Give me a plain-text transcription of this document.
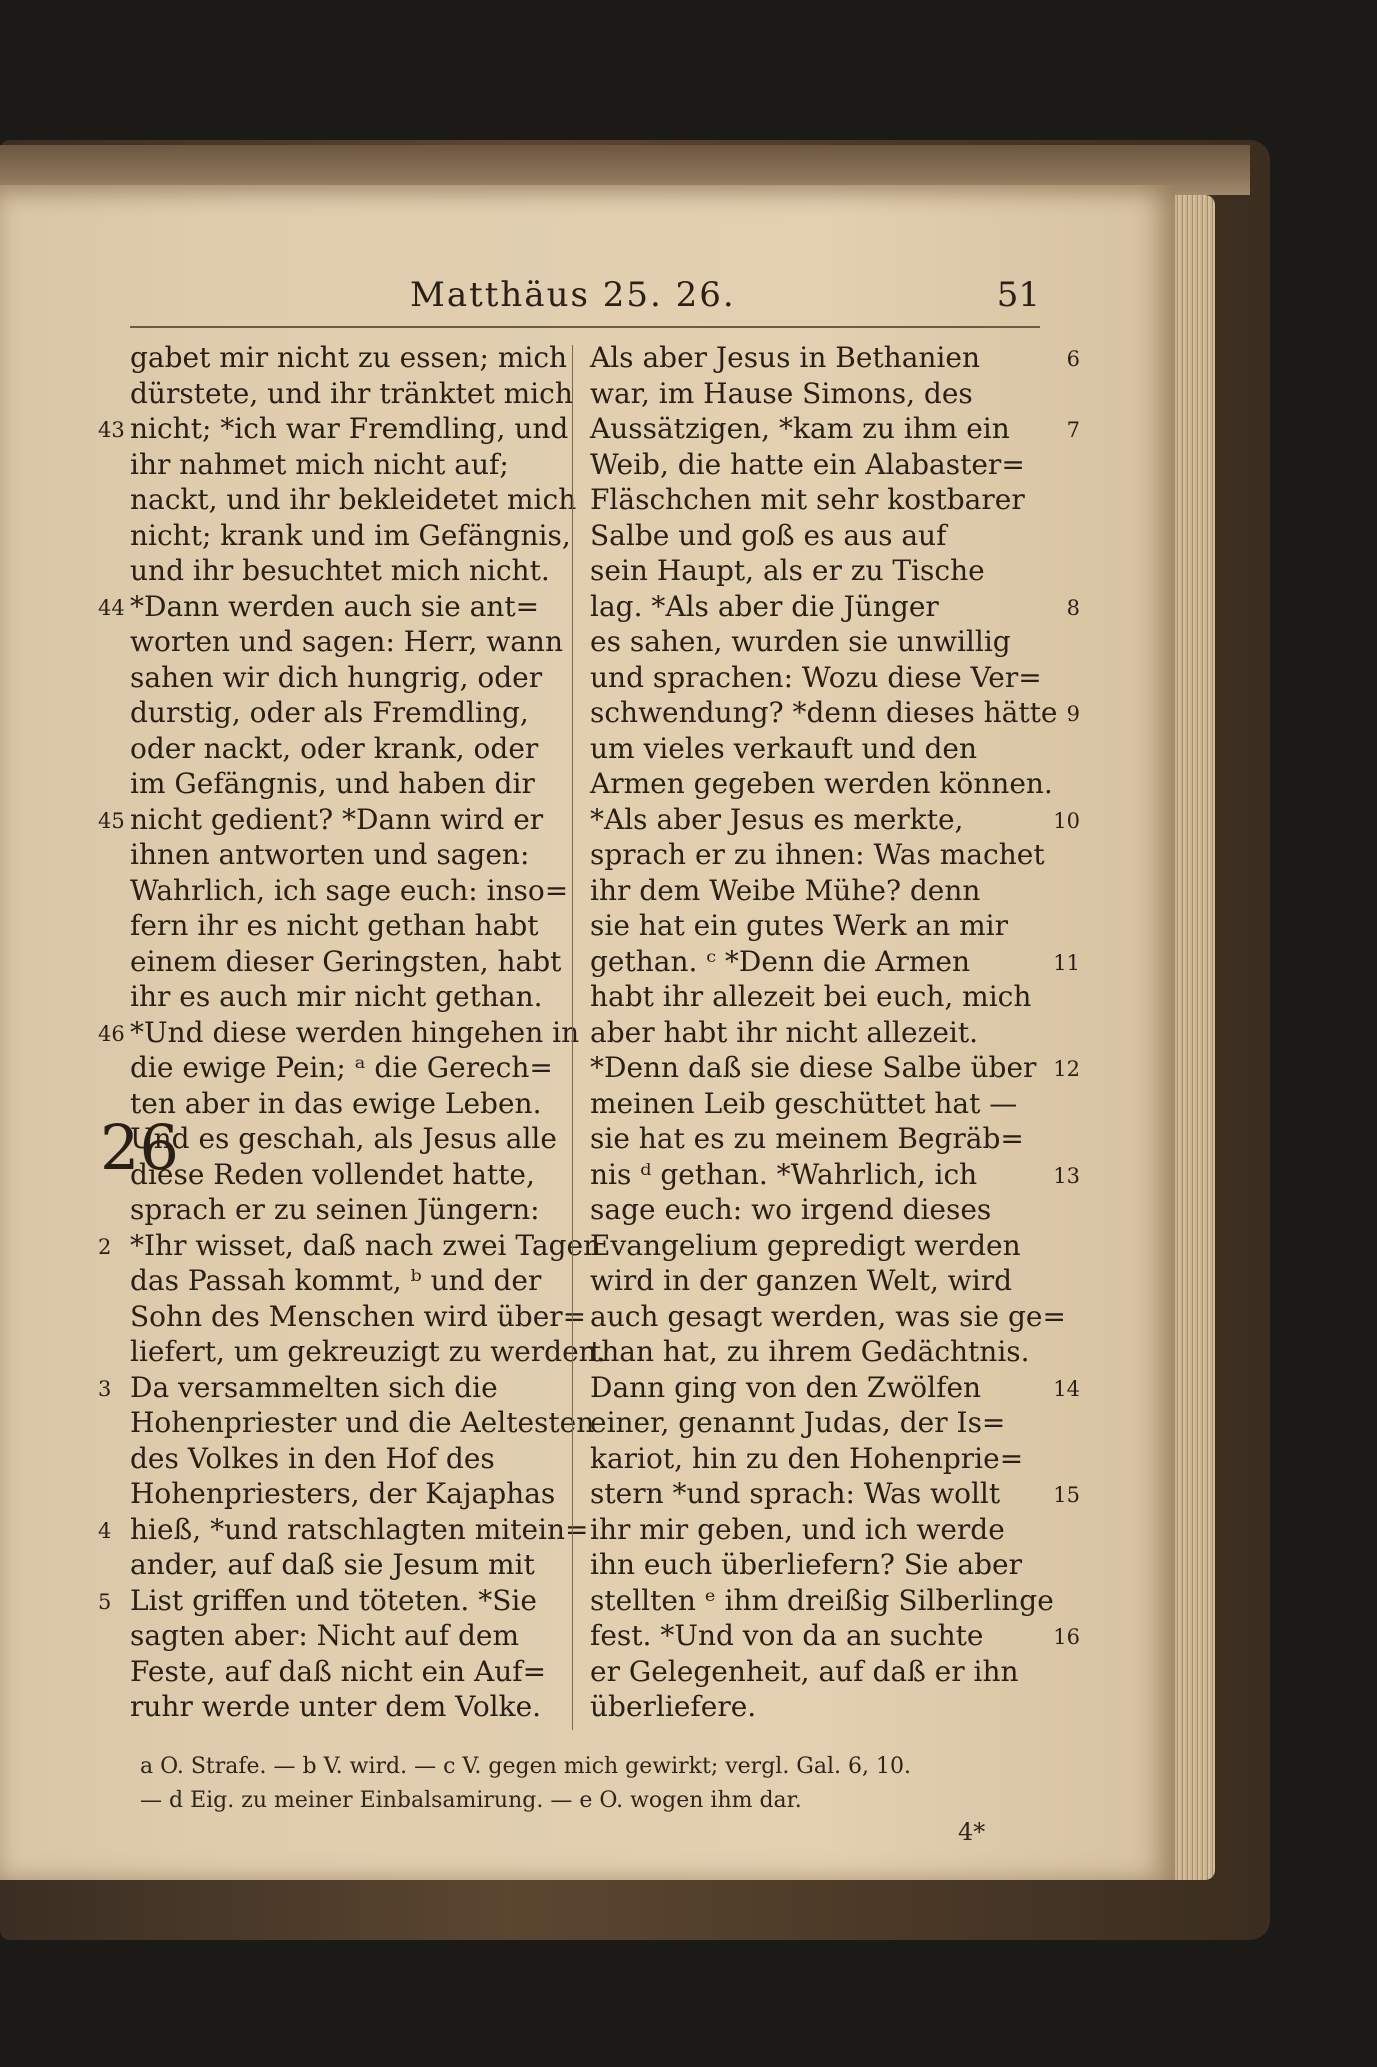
Matthäus 25. 26.	51
gabet mir nicht zu essen; mich
dürstete, und ihr tränktet mich
nicht; *ich war Fremdling, und
43
ihr nahmet mich nicht auf;
nackt, und ihr bekleidetet mich
nicht; krank und im Gefängnis,
und ihr besuchtet mich nicht.
*Dann werden auch sie ant=
44
worten und sagen: Herr, wann
sahen wir dich hungrig, oder
durstig, oder als Fremdling,
oder nackt, oder krank, oder
im Gefängnis, und haben dir
nicht gedient? *Dann wird er
45
ihnen antworten und sagen:
Wahrlich, ich sage euch: inso=
fern ihr es nicht gethan habt
einem dieser Geringsten, habt
ihr es auch mir nicht gethan.
*Und diese werden hingehen in
46
die ewige Pein; ᵃ die Gerech=
ten aber in das ewige Leben.
Und es geschah, als Jesus alle
26
diese Reden vollendet hatte,
sprach er zu seinen Jüngern:
*Ihr wisset, daß nach zwei Tagen
2
das Passah kommt, ᵇ und der
Sohn des Menschen wird über=
liefert, um gekreuzigt zu werden.
Da versammelten sich die
3
Hohenpriester und die Aeltesten
des Volkes in den Hof des
Hohenpriesters, der Kajaphas
hieß, *und ratschlagten mitein=
4
ander, auf daß sie Jesum mit
List griffen und töteten. *Sie
5
sagten aber: Nicht auf dem
Feste, auf daß nicht ein Auf=
ruhr werde unter dem Volke.
Als aber Jesus in Bethanien	6
war, im Hause Simons, des
Aussätzigen, *kam zu ihm ein	7
Weib, die hatte ein Alabaster=
Fläschchen mit sehr kostbarer
Salbe und goß es aus auf
sein Haupt, als er zu Tische
lag. *Als aber die Jünger	8
es sahen, wurden sie unwillig
und sprachen: Wozu diese Ver=
schwendung? *denn dieses hätte 9
um vieles verkauft und den
Armen gegeben werden können.
*Als aber Jesus es merkte,	10
sprach er zu ihnen: Was machet
ihr dem Weibe Mühe? denn
sie hat ein gutes Werk an mir
gethan. ᶜ *Denn die Armen	11
habt ihr allezeit bei euch, mich
aber habt ihr nicht allezeit.
*Denn daß sie diese Salbe über 12
meinen Leib geschüttet hat —
sie hat es zu meinem Begräb=
nis ᵈ gethan. *Wahrlich, ich	13
sage euch: wo irgend dieses
Evangelium gepredigt werden
wird in der ganzen Welt, wird
auch gesagt werden, was sie ge=
than hat, zu ihrem Gedächtnis.
Dann ging von den Zwölfen	14
einer, genannt Judas, der Is=
kariot, hin zu den Hohenprie=
stern *und sprach: Was wollt	15
ihr mir geben, und ich werde
ihn euch überliefern? Sie aber
stellten ᵉ ihm dreißig Silberlinge
fest. *Und von da an suchte	16
er Gelegenheit, auf daß er ihn
überliefere.
a O. Strafe. — b V. wird. — c V. gegen mich gewirkt; vergl. Gal. 6, 10.
— d Eig. zu meiner Einbalsamirung. — e O. wogen ihm dar.
4*
